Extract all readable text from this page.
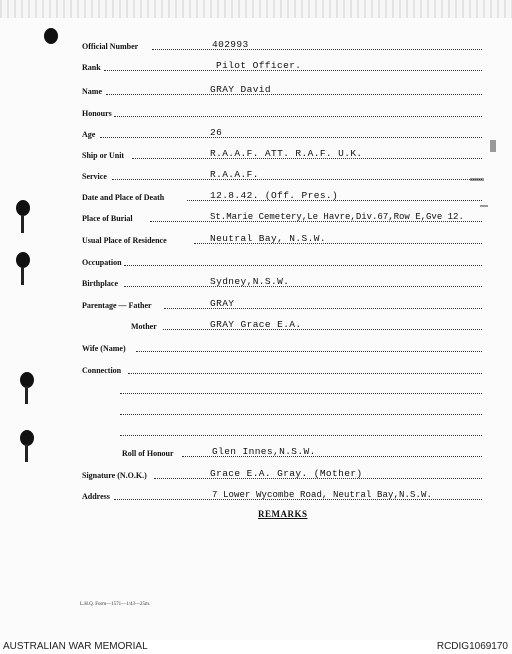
Official Number	402993
Rank	Pilot Officer.
Name	GRAY David
Honours
Age	26
Ship or Unit	R.A.A.F. ATT. R.A.F. U.K.
Service	R.A.A.F.
Date and Place of Death	12.8.42. (Off. Pres.)
Place of Burial	St.Marie Cemetery,Le Havre,Div.67,Row E,Gve 12.
Usual Place of Residence	Neutral Bay, N.S.W.
Occupation
Birthplace	Sydney,N.S.W.
Parentage — Father	GRAY
Mother	GRAY Grace E.A.
Wife (Name)
Connection
Roll of Honour	Glen Innes,N.S.W.
Signature (N.O.K.)	Grace E.A. Gray. (Mother)
Address	7 Lower Wycombe Road, Neutral Bay,N.S.W.
REMARKS
L.H.Q. Form—1571—1/43—25m.
AUSTRALIAN WAR MEMORIAL	RCDIG1069170
